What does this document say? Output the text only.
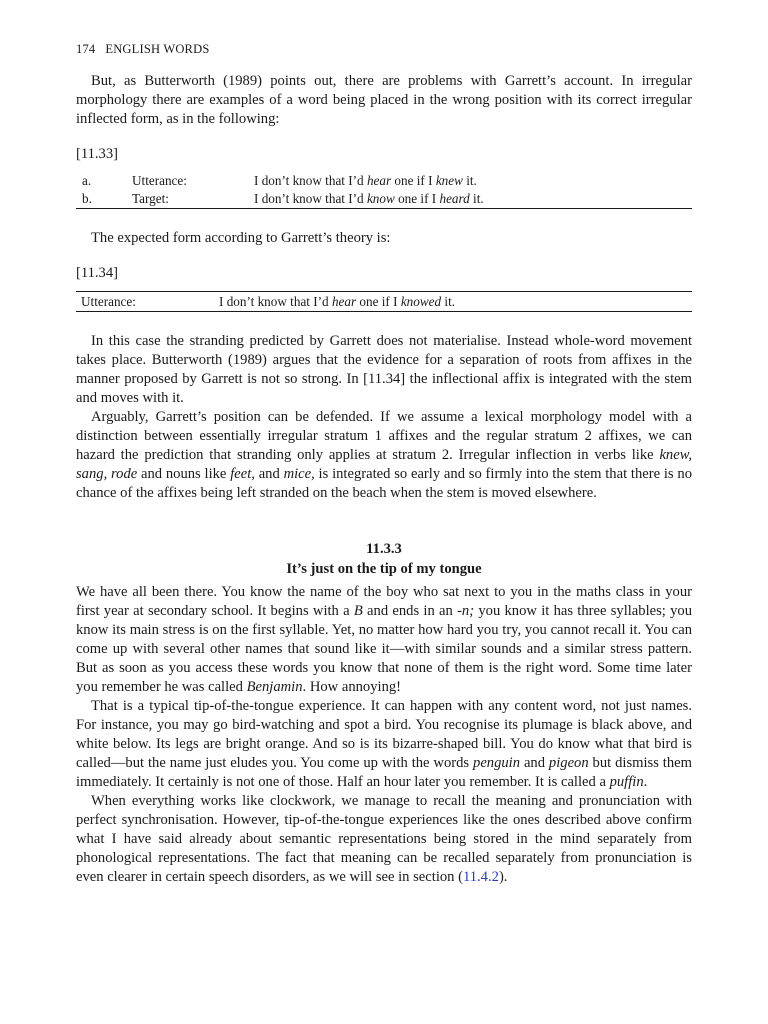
174 ENGLISH WORDS

But, as Butterworth (1989) points out, there are problems with Garrett’s account. In irregular morphology there are examples of a word being placed in the wrong position with its correct irregular inflected form, as in the following:

[11.33]
a.	Utterance:	I don’t know that I’d hear one if I knew it.
b.	Target:	I don’t know that I’d know one if I heard it.

The expected form according to Garrett’s theory is:

[11.34]
Utterance:	I don’t know that I’d hear one if I knowed it.

In this case the stranding predicted by Garrett does not materialise. Instead whole-word movement takes place. Butterworth (1989) argues that the evidence for a separation of roots from affixes in the manner proposed by Garrett is not so strong. In [11.34] the inflectional affix is integrated with the stem and moves with it.

Arguably, Garrett’s position can be defended. If we assume a lexical morphology model with a distinction between essentially irregular stratum 1 affixes and the regular stratum 2 affixes, we can hazard the prediction that stranding only applies at stratum 2. Irregular inflection in verbs like knew, sang, rode and nouns like feet, and mice, is integrated so early and so firmly into the stem that there is no chance of the affixes being left stranded on the beach when the stem is moved elsewhere.

11.3.3
It’s just on the tip of my tongue

We have all been there. You know the name of the boy who sat next to you in the maths class in your first year at secondary school. It begins with a B and ends in an -n; you know it has three syllables; you know its main stress is on the first syllable. Yet, no matter how hard you try, you cannot recall it. You can come up with several other names that sound like it—with similar sounds and a similar stress pattern. But as soon as you access these words you know that none of them is the right word. Some time later you remember he was called Benjamin. How annoying!

That is a typical tip-of-the-tongue experience. It can happen with any content word, not just names. For instance, you may go bird-watching and spot a bird. You recognise its plumage is black above, and white below. Its legs are bright orange. And so is its bizarre-shaped bill. You do know what that bird is called—but the name just eludes you. You come up with the words penguin and pigeon but dismiss them immediately. It certainly is not one of those. Half an hour later you remember. It is called a puffin.

When everything works like clockwork, we manage to recall the meaning and pronunciation with perfect synchronisation. However, tip-of-the-tongue experiences like the ones described above confirm what I have said already about semantic representations being stored in the mind separately from phonological representations. The fact that meaning can be recalled separately from pronunciation is even clearer in certain speech disorders, as we will see in section (11.4.2).
